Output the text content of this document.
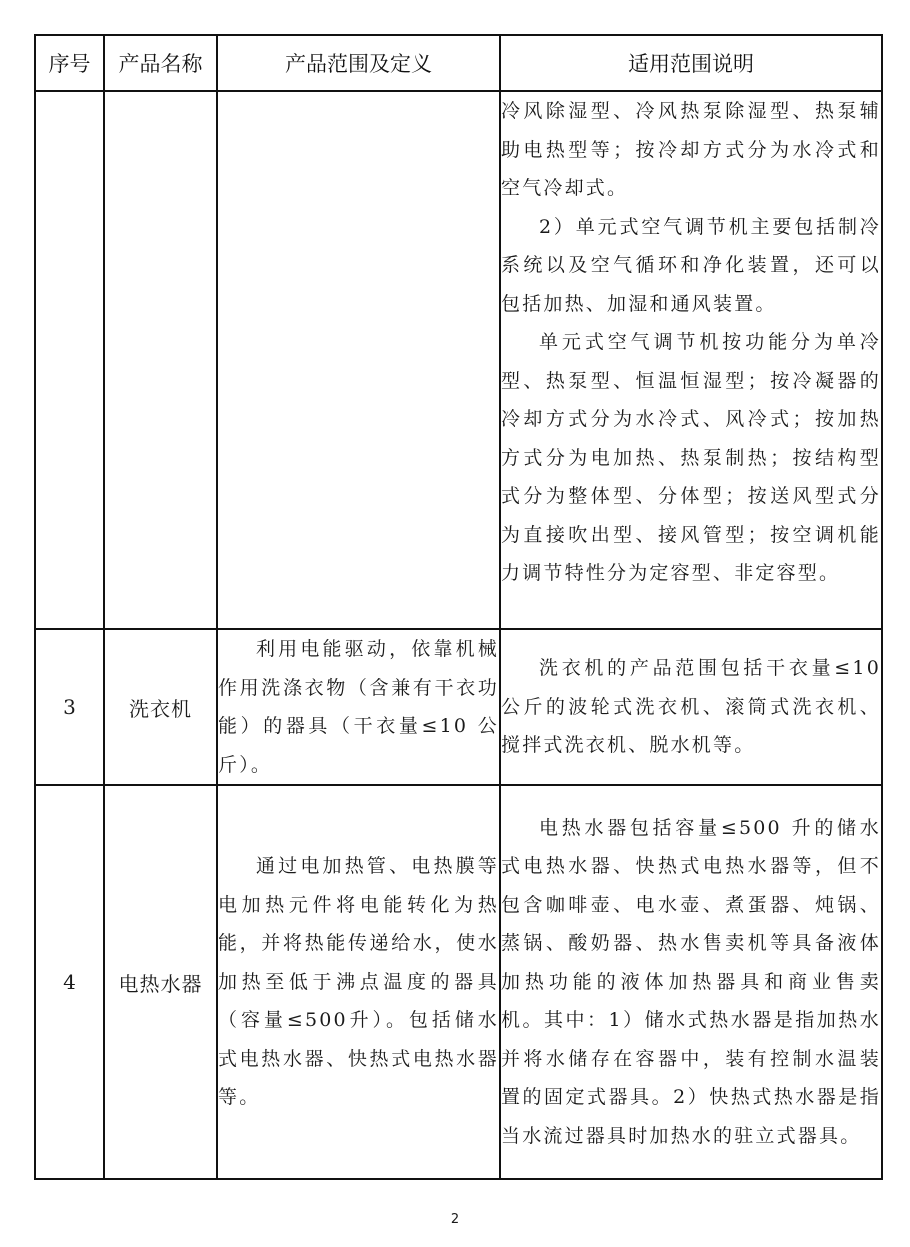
序号	产品名称	产品范围及定义	适用范围说明

			冷风除湿型、冷风热泵除湿型、热泵辅助电热型等；按冷却方式分为水冷式和空气冷却式。
2）单元式空气调节机主要包括制冷系统以及空气循环和净化装置，还可以包括加热、加湿和通风装置。
单元式空气调节机按功能分为单冷型、热泵型、恒温恒湿型；按冷凝器的冷却方式分为水冷式、风冷式；按加热方式分为电加热、热泵制热；按结构型式分为整体型、分体型；按送风型式分为直接吹出型、接风管型；按空调机能力调节特性分为定容型、非定容型。

3	洗衣机	利用电能驱动，依靠机械作用洗涤衣物（含兼有干衣功能）的器具（干衣量≤10 公斤）。	洗衣机的产品范围包括干衣量≤10 公斤的波轮式洗衣机、滚筒式洗衣机、搅拌式洗衣机、脱水机等。

4	电热水器	通过电加热管、电热膜等电加热元件将电能转化为热能，并将热能传递给水，使水加热至低于沸点温度的器具（容量≤500升）。包括储水式电热水器、快热式电热水器等。	电热水器包括容量≤500 升的储水式电热水器、快热式电热水器等，但不包含咖啡壶、电水壶、煮蛋器、炖锅、蒸锅、酸奶器、热水售卖机等具备液体加热功能的液体加热器具和商业售卖机。其中：1）储水式热水器是指加热水并将水储存在容器中，装有控制水温装置的固定式器具。2）快热式热水器是指当水流过器具时加热水的驻立式器具。
2
